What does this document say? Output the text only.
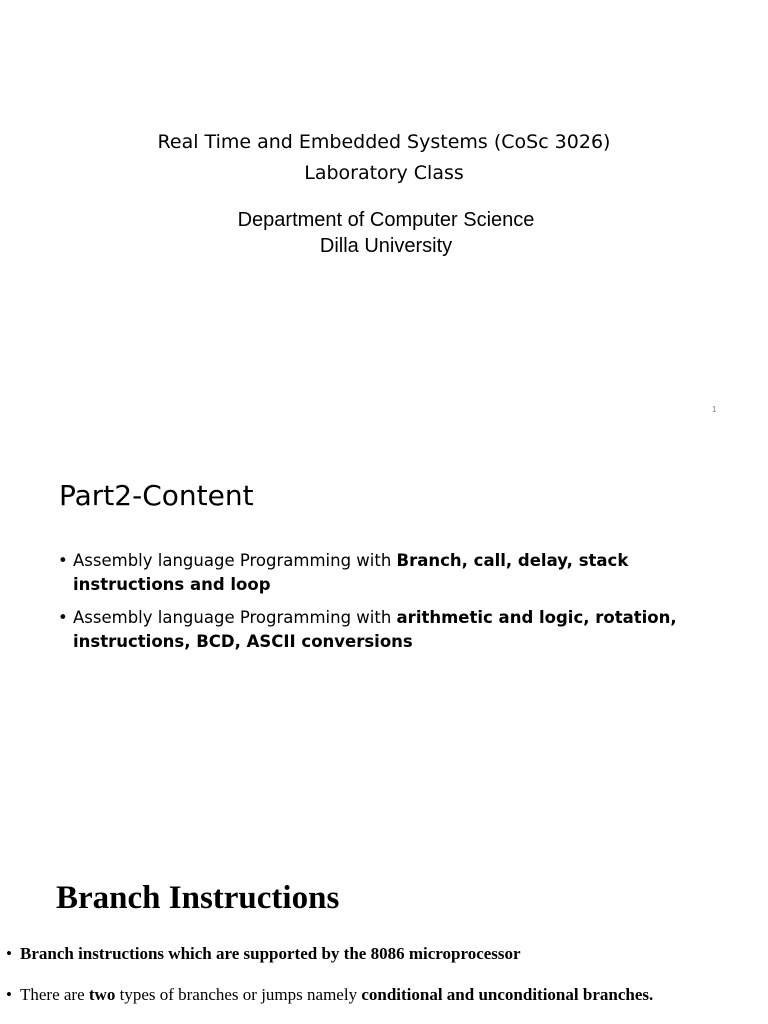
Real Time and Embedded Systems (CoSc 3026)
Laboratory Class
Department of Computer Science
Dilla University
1
Part2-Content
• Assembly language Programming with Branch, call, delay, stack instructions and loop
• Assembly language Programming with arithmetic and logic, rotation, instructions, BCD, ASCII conversions
Branch Instructions
• Branch instructions which are supported by the 8086 microprocessor
• There are two types of branches or jumps namely conditional and unconditional branches.
